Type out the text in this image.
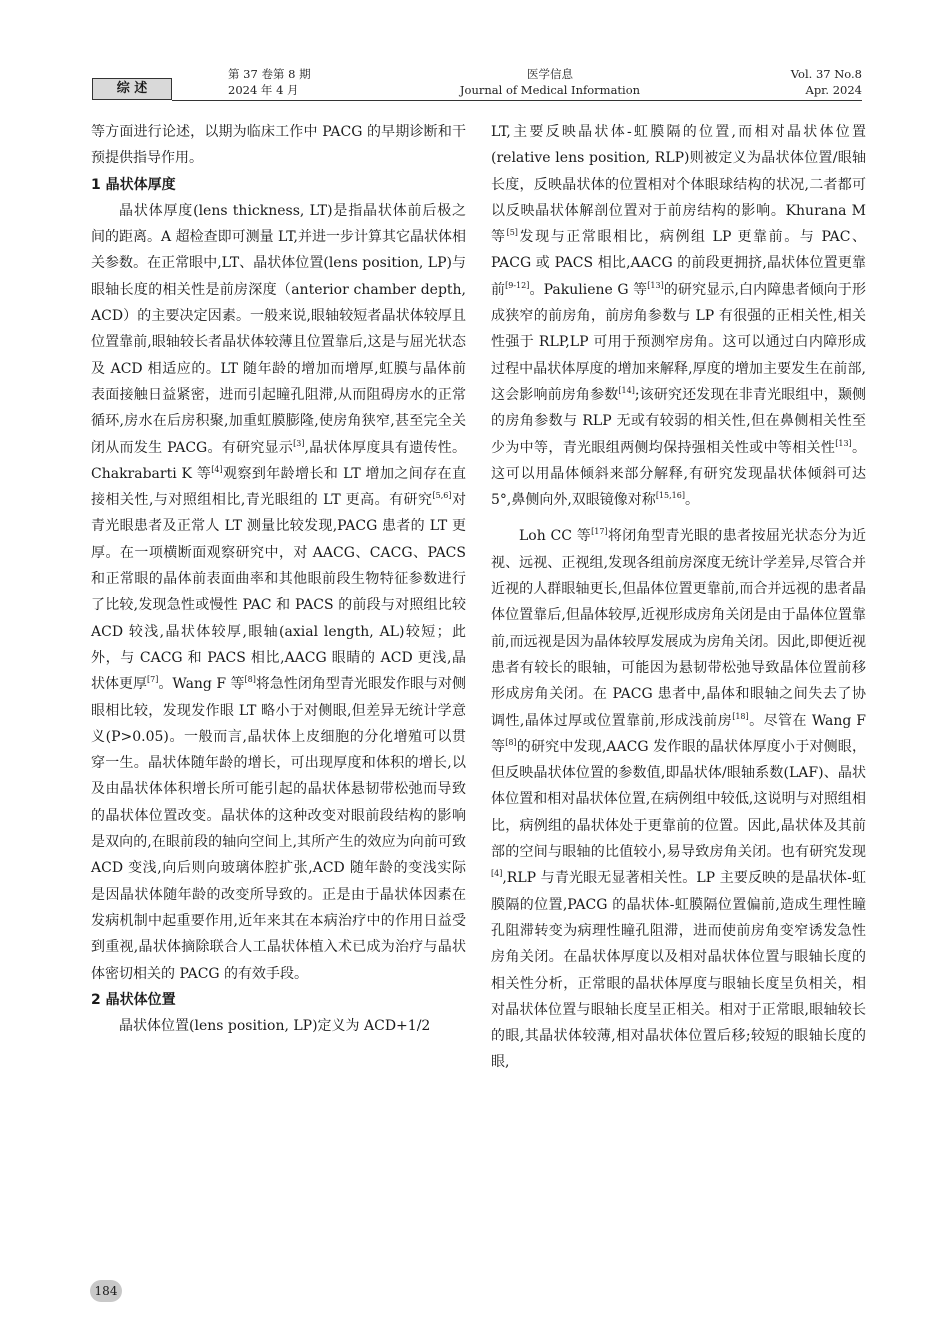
综 述
第 37 卷第 8 期
2024 年 4 月
医学信息
Journal of Medical Information
Vol. 37 No.8
Apr. 2024

等方面进行论述，以期为临床工作中 PACG 的早期诊断和干预提供指导作用。

1 晶状体厚度

晶状体厚度(lens thickness, LT)是指晶状体前后极之间的距离。A 超检查即可测量 LT,并进一步计算其它晶状体相关参数。在正常眼中,LT、晶状体位置(lens position, LP)与眼轴长度的相关性是前房深度（anterior chamber depth, ACD）的主要决定因素。一般来说,眼轴较短者晶状体较厚且位置靠前,眼轴较长者晶状体较薄且位置靠后,这是与屈光状态及 ACD 相适应的。LT 随年龄的增加而增厚,虹膜与晶体前表面接触日益紧密，进而引起瞳孔阻滞,从而阻碍房水的正常循环,房水在后房积聚,加重虹膜膨隆,使房角狭窄,甚至完全关闭从而发生 PACG。有研究显示[3],晶状体厚度具有遗传性。Chakrabarti K 等[4]观察到年龄增长和 LT 增加之间存在直接相关性,与对照组相比,青光眼组的 LT 更高。有研究[5,6]对青光眼患者及正常人 LT 测量比较发现,PACG 患者的 LT 更厚。在一项横断面观察研究中，对 AACG、CACG、PACS 和正常眼的晶体前表面曲率和其他眼前段生物特征参数进行了比较,发现急性或慢性 PAC 和 PACS 的前段与对照组比较 ACD 较浅,晶状体较厚,眼轴(axial length, AL)较短；此外，与 CACG 和 PACS 相比,AACG 眼睛的 ACD 更浅,晶状体更厚[7]。Wang F 等[8]将急性闭角型青光眼发作眼与对侧眼相比较，发现发作眼 LT 略小于对侧眼,但差异无统计学意义(P>0.05)。一般而言,晶状体上皮细胞的分化增殖可以贯穿一生。晶状体随年龄的增长，可出现厚度和体积的增长,以及由晶状体体积增长所可能引起的晶状体悬韧带松弛而导致的晶状体位置改变。晶状体的这种改变对眼前段结构的影响是双向的,在眼前段的轴向空间上,其所产生的效应为向前可致 ACD 变浅,向后则向玻璃体腔扩张,ACD 随年龄的变浅实际是因晶状体随年龄的改变所导致的。正是由于晶状体因素在发病机制中起重要作用,近年来其在本病治疗中的作用日益受到重视,晶状体摘除联合人工晶状体植入术已成为治疗与晶状体密切相关的 PACG 的有效手段。

2 晶状体位置

晶状体位置(lens position, LP)定义为 ACD+1/2

LT,主要反映晶状体-虹膜隔的位置,而相对晶状体位置(relative lens position, RLP)则被定义为晶状体位置/眼轴长度，反映晶状体的位置相对个体眼球结构的状况,二者都可以反映晶状体解剖位置对于前房结构的影响。Khurana M 等[5]发现与正常眼相比，病例组 LP 更靠前。与 PAC、PACG 或 PACS 相比,AACG 的前段更拥挤,晶状体位置更靠前[9-12]。Pakuliene G 等[13]的研究显示,白内障患者倾向于形成狭窄的前房角，前房角参数与 LP 有很强的正相关性,相关性强于 RLP,LP 可用于预测窄房角。这可以通过白内障形成过程中晶状体厚度的增加来解释,厚度的增加主要发生在前部,这会影响前房角参数[14];该研究还发现在非青光眼组中，颞侧的房角参数与 RLP 无或有较弱的相关性,但在鼻侧相关性至少为中等，青光眼组两侧均保持强相关性或中等相关性[13]。这可以用晶体倾斜来部分解释,有研究发现晶状体倾斜可达 5°,鼻侧向外,双眼镜像对称[15,16]。

Loh CC 等[17]将闭角型青光眼的患者按屈光状态分为近视、远视、正视组,发现各组前房深度无统计学差异,尽管合并近视的人群眼轴更长,但晶体位置更靠前,而合并远视的患者晶体位置靠后,但晶体较厚,近视形成房角关闭是由于晶体位置靠前,而远视是因为晶体较厚发展成为房角关闭。因此,即便近视患者有较长的眼轴，可能因为悬韧带松弛导致晶体位置前移形成房角关闭。在 PACG 患者中,晶体和眼轴之间失去了协调性,晶体过厚或位置靠前,形成浅前房[18]。尽管在 Wang F 等[8]的研究中发现,AACG 发作眼的晶状体厚度小于对侧眼，但反映晶状体位置的参数值,即晶状体/眼轴系数(LAF)、晶状体位置和相对晶状体位置,在病例组中较低,这说明与对照组相比，病例组的晶状体处于更靠前的位置。因此,晶状体及其前部的空间与眼轴的比值较小,易导致房角关闭。也有研究发现[4],RLP 与青光眼无显著相关性。LP 主要反映的是晶状体-虹膜隔的位置,PACG 的晶状体-虹膜隔位置偏前,造成生理性瞳孔阻滞转变为病理性瞳孔阻滞，进而使前房角变窄诱发急性房角关闭。在晶状体厚度以及相对晶状体位置与眼轴长度的相关性分析，正常眼的晶状体厚度与眼轴长度呈负相关，相对晶状体位置与眼轴长度呈正相关。相对于正常眼,眼轴较长的眼,其晶状体较薄,相对晶状体位置后移;较短的眼轴长度的眼,

184
